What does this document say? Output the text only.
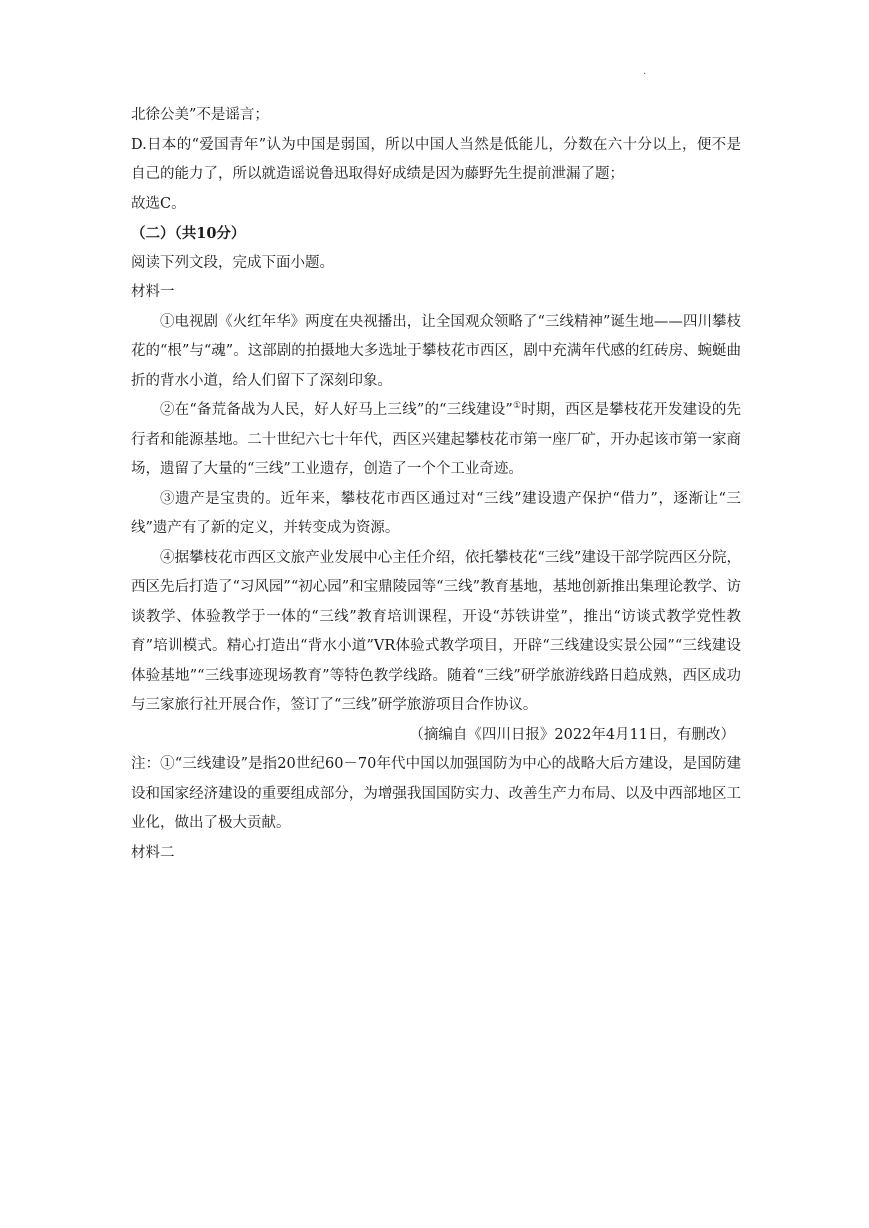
·

北徐公美”不是谣言；

D.日本的“爱国青年”认为中国是弱国，所以中国人当然是低能儿，分数在六十分以上，便不是自己的能力了，所以就造谣说鲁迅取得好成绩是因为藤野先生提前泄漏了题；

故选C。

（二）（共10分）

阅读下列文段，完成下面小题。

材料一

①电视剧《火红年华》两度在央视播出，让全国观众领略了“三线精神”诞生地——四川攀枝花的“根”与“魂”。这部剧的拍摄地大多选址于攀枝花市西区，剧中充满年代感的红砖房、蜿蜒曲折的背水小道，给人们留下了深刻印象。

②在“备荒备战为人民，好人好马上三线”的“三线建设”①时期，西区是攀枝花开发建设的先行者和能源基地。二十世纪六七十年代，西区兴建起攀枝花市第一座厂矿，开办起该市第一家商场，遗留了大量的“三线”工业遗存，创造了一个个工业奇迹。

③遗产是宝贵的。近年来，攀枝花市西区通过对“三线”建设遗产保护“借力”，逐渐让“三线”遗产有了新的定义，并转变成为资源。

④据攀枝花市西区文旅产业发展中心主任介绍，依托攀枝花“三线”建设干部学院西区分院，西区先后打造了“习风园”“初心园”和宝鼎陵园等“三线”教育基地，基地创新推出集理论教学、访谈教学、体验教学于一体的“三线”教育培训课程，开设“苏铁讲堂”，推出“访谈式教学党性教育”培训模式。精心打造出“背水小道”VR体验式教学项目，开辟“三线建设实景公园”“三线建设体验基地”“三线事迹现场教育”等特色教学线路。随着“三线”研学旅游线路日趋成熟，西区成功与三家旅行社开展合作，签订了“三线”研学旅游项目合作协议。

（摘编自《四川日报》2022年4月11日，有删改）

注：①“三线建设”是指20世纪60－70年代中国以加强国防为中心的战略大后方建设，是国防建设和国家经济建设的重要组成部分，为增强我国国防实力、改善生产力布局、以及中西部地区工业化，做出了极大贡献。

材料二
